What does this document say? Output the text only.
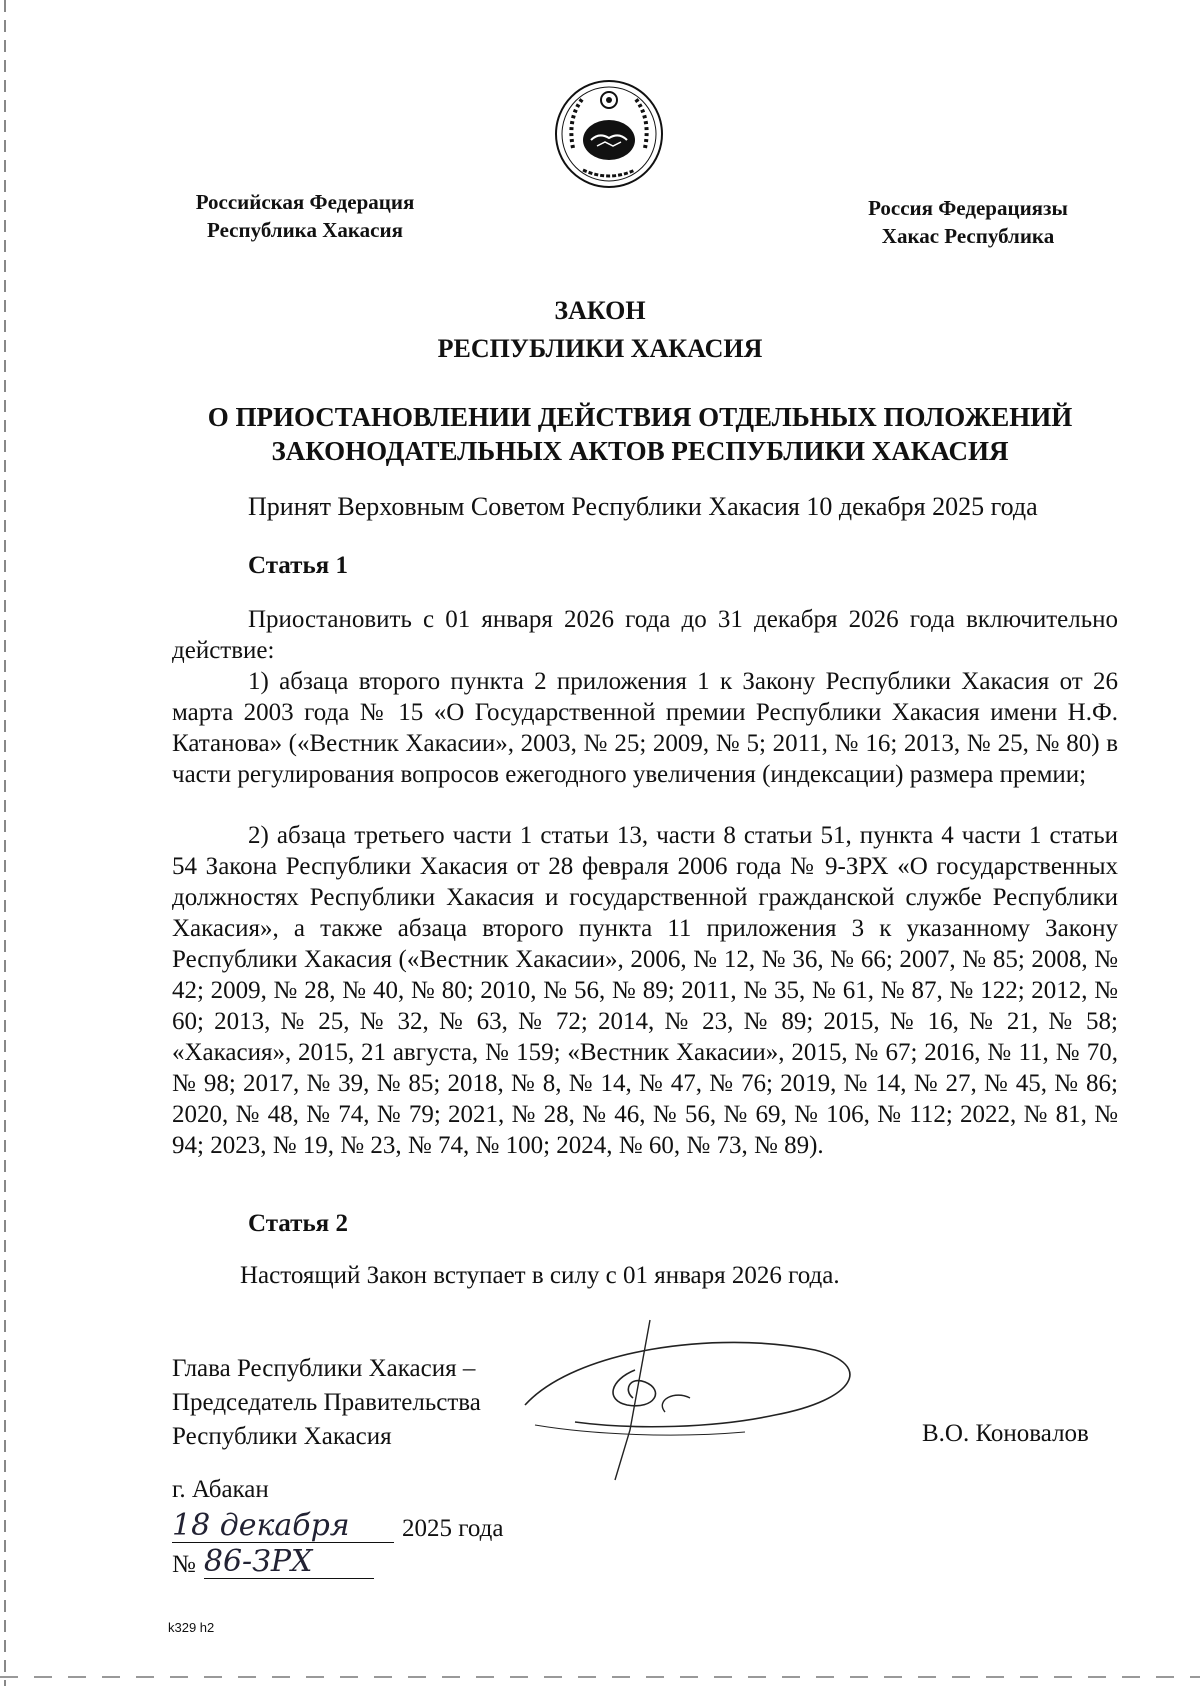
Российская Федерация
Республика Хакасия
Россия Федерациязы
Хакас Республика
ЗАКОН
РЕСПУБЛИКИ ХАКАСИЯ
О ПРИОСТАНОВЛЕНИИ ДЕЙСТВИЯ ОТДЕЛЬНЫХ ПОЛОЖЕНИЙ
ЗАКОНОДАТЕЛЬНЫХ АКТОВ РЕСПУБЛИКИ ХАКАСИЯ
Принят Верховным Советом Республики Хакасия 10 декабря 2025 года
Статья 1
Приостановить с 01 января 2026 года до 31 декабря 2026 года включительно действие:
1) абзаца второго пункта 2 приложения 1 к Закону Республики Хакасия от 26 марта 2003 года № 15 «О Государственной премии Республики Хакасия имени Н.Ф. Катанова» («Вестник Хакасии», 2003, № 25; 2009, № 5; 2011, № 16; 2013, № 25, № 80) в части регулирования вопросов ежегодного увеличения (индексации) размера премии;
2) абзаца третьего части 1 статьи 13, части 8 статьи 51, пункта 4 части 1 статьи 54 Закона Республики Хакасия от 28 февраля 2006 года № 9-ЗРХ «О государственных должностях Республики Хакасия и государственной гражданской службе Республики Хакасия», а также абзаца второго пункта 11 приложения 3 к указанному Закону Республики Хакасия («Вестник Хакасии», 2006, № 12, № 36, № 66; 2007, № 85; 2008, № 42; 2009, № 28, № 40, № 80; 2010, № 56, № 89; 2011, № 35, № 61, № 87, № 122; 2012, № 60; 2013, № 25, № 32, № 63, № 72; 2014, № 23, № 89; 2015, № 16, № 21, № 58; «Хакасия», 2015, 21 августа, № 159; «Вестник Хакасии», 2015, № 67; 2016, № 11, № 70, № 98; 2017, № 39, № 85; 2018, № 8, № 14, № 47, № 76; 2019, № 14, № 27, № 45, № 86; 2020, № 48, № 74, № 79; 2021, № 28, № 46, № 56, № 69, № 106, № 112; 2022, № 81, № 94; 2023, № 19, № 23, № 74, № 100; 2024, № 60, № 73, № 89).
Статья 2
Настоящий Закон вступает в силу с 01 января 2026 года.
Глава Республики Хакасия –
Председатель Правительства
Республики Хакасия	В.О. Коновалов
г. Абакан
18 декабря	2025 года
№ 86-ЗРХ
k329 h2
